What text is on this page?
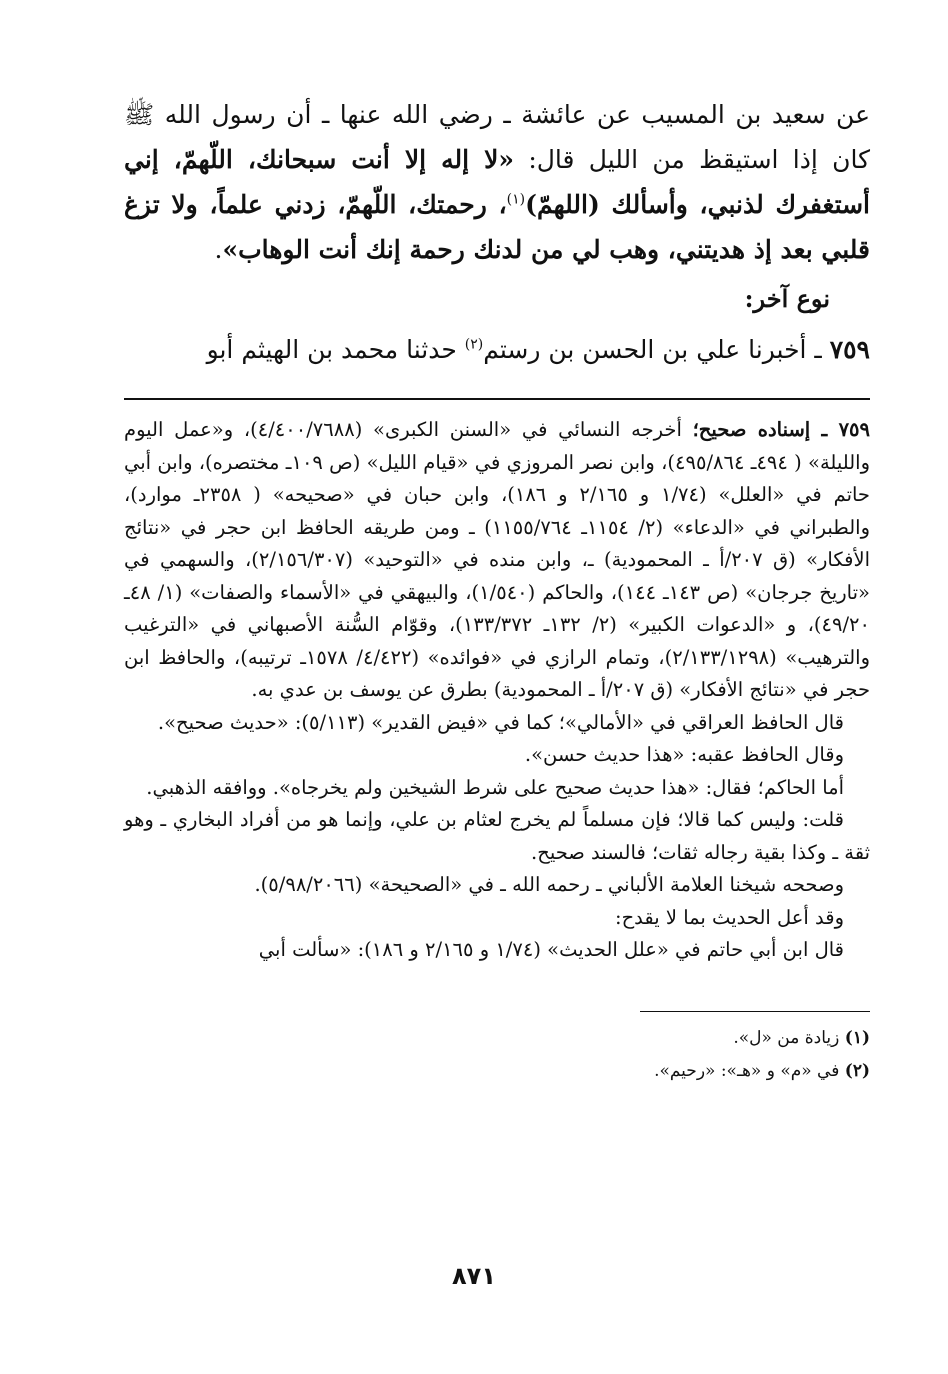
عن سعيد بن المسيب عن عائشة ـ رضي الله عنها ـ أن رسول الله ﷺ كان إذا استيقظ من الليل قال: «لا إله إلا أنت سبحانك، اللّهمّ، إني أستغفرك لذنبي، وأسألك (اللهمّ)$^{(١)}$، رحمتك، اللّهمّ، زدني علماً، ولا تزغ قلبي بعد إذ هديتني، وهب لي من لدنك رحمة إنك أنت الوهاب».

نوع آخر:

٧٥٩ ـ أخبرنا علي بن الحسن بن رستم$^{(٢)}$ حدثنا محمد بن الهيثم أبو

٧٥٩ ـ إسناده صحيح؛ أخرجه النسائي في «السنن الكبرى» (٤/٤٠٠/٧٦٨٨)، و«عمل اليوم والليلة» ( ٤٩٤ـ ٤٩٥/٨٦٤)، وابن نصر المروزي في «قيام الليل» (ص ١٠٩ـ مختصره)، وابن أبي حاتم في «العلل» (١/٧٤ و ٢/١٦٥ و ١٨٦)، وابن حبان في «صحيحه» ( ٢٣٥٨ـ موارد)، والطبراني في «الدعاء» (٢/ ١١٥٤ـ ١١٥٥/٧٦٤) ـ ومن طريقه الحافظ ابن حجر في «نتائج الأفكار» (ق ٢٠٧/أ ـ المحمودية) ـ، وابن منده في «التوحيد» (٢/١٥٦/٣٠٧)، والسهمي في «تاريخ جرجان» (ص ١٤٣ـ ١٤٤)، والحاكم (١/٥٤٠)، والبيهقي في «الأسماء والصفات» (١/ ٤٨ـ ٤٩/٢٠)، و «الدعوات الكبير» (٢/ ١٣٢ـ ١٣٣/٣٧٢)، وقوّام السُّنة الأصبهاني في «الترغيب والترهيب» (٢/١٣٣/١٢٩٨)، وتمام الرازي في «فوائده» (٤/٤٢٢/ ١٥٧٨ـ ترتيبه)، والحافظ ابن حجر في «نتائج الأفكار» (ق ٢٠٧/أ ـ المحمودية) بطرق عن يوسف بن عدي به.

قال الحافظ العراقي في «الأمالي»؛ كما في «فيض القدير» (٥/١١٣): «حديث صحيح».

وقال الحافظ عقبه: «هذا حديث حسن».

أما الحاكم؛ فقال: «هذا حديث صحيح على شرط الشيخين ولم يخرجاه». ووافقه الذهبي.

قلت: وليس كما قالا؛ فإن مسلماً لم يخرج لعثام بن علي، وإنما هو من أفراد البخاري ـ وهو ثقة ـ وكذا بقية رجاله ثقات؛ فالسند صحيح.

وصححه شيخنا العلامة الألباني ـ رحمه الله ـ في «الصحيحة» (٥/٩٨/٢٠٦٦).

وقد أعل الحديث بما لا يقدح:

قال ابن أبي حاتم في «علل الحديث» (١/٧٤ و ٢/١٦٥ و ١٨٦): «سألت أبي

(١) زيادة من «ل».

(٢) في «م» و «هـ»: «رحيم».

٨٧١
